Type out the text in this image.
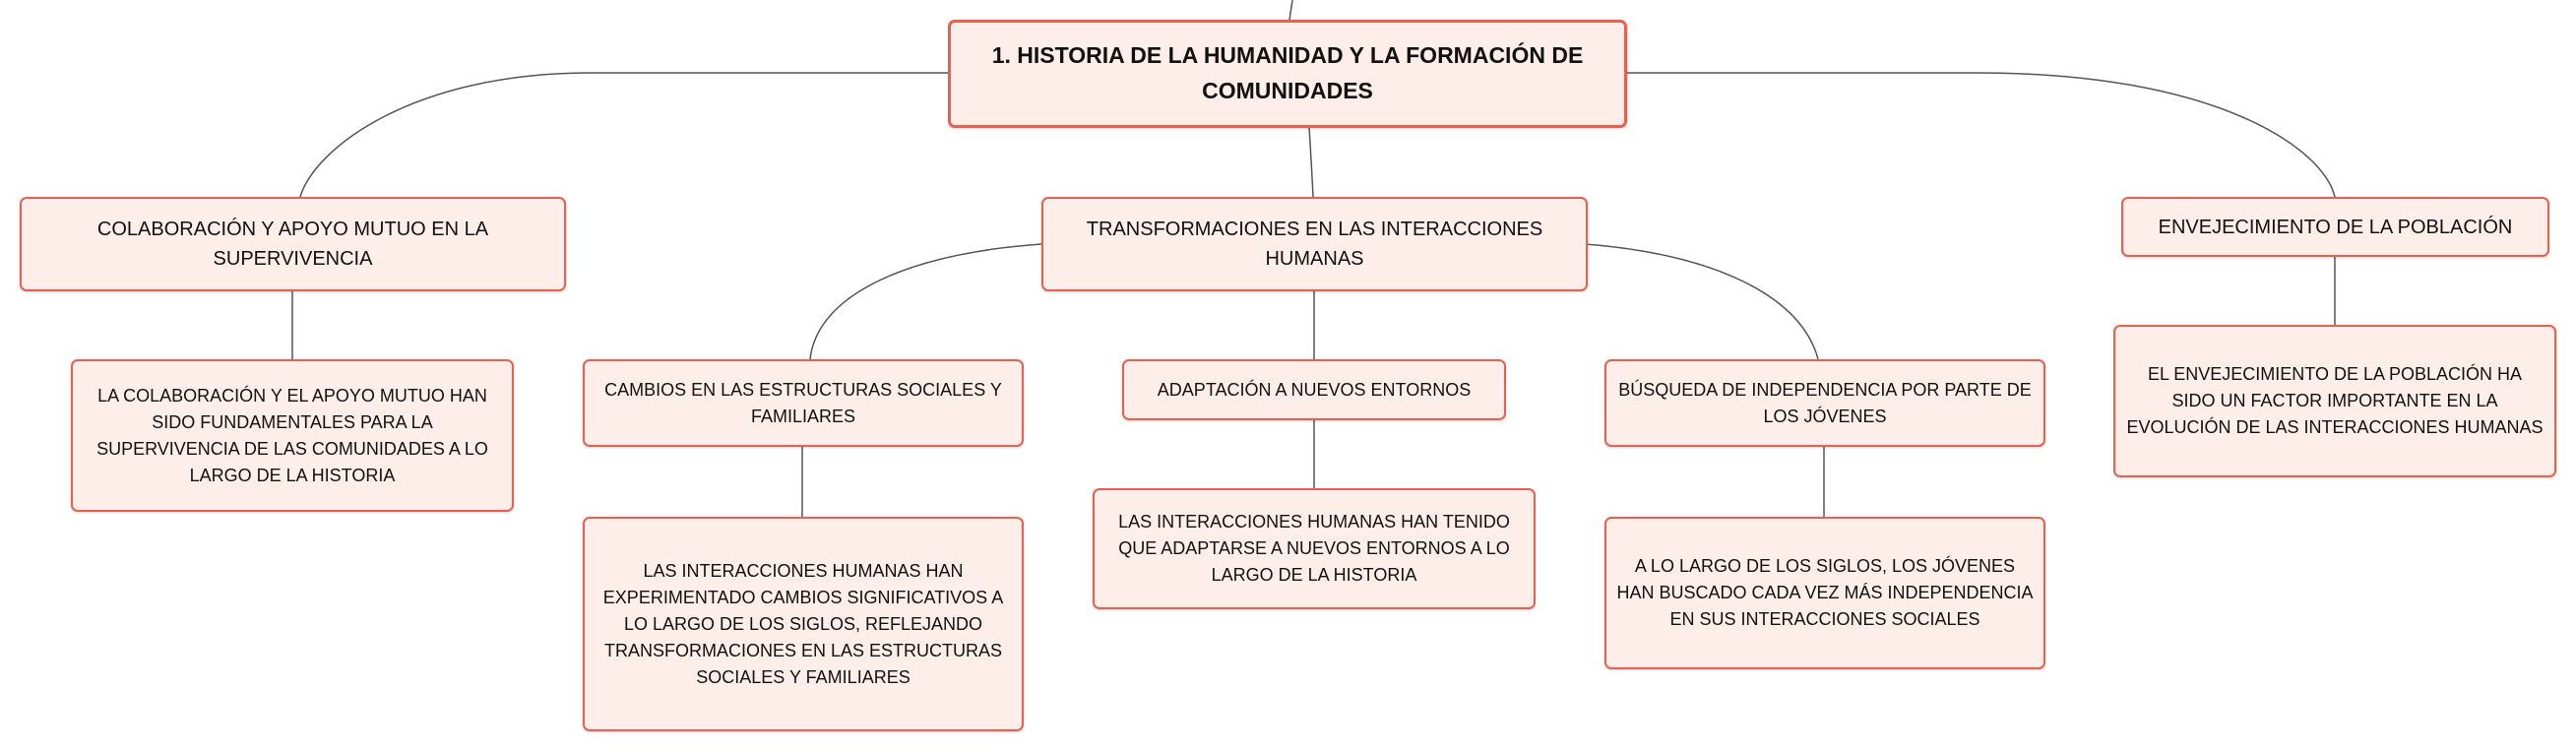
1. HISTORIA DE LA HUMANIDAD Y LA FORMACIÓN DE COMUNIDADES
COLABORACIÓN Y APOYO MUTUO EN LA SUPERVIVENCIA
LA COLABORACIÓN Y EL APOYO MUTUO HAN SIDO FUNDAMENTALES PARA LA SUPERVIVENCIA DE LAS COMUNIDADES A LO LARGO DE LA HISTORIA
TRANSFORMACIONES EN LAS INTERACCIONES HUMANAS
CAMBIOS EN LAS ESTRUCTURAS SOCIALES Y FAMILIARES
LAS INTERACCIONES HUMANAS HAN EXPERIMENTADO CAMBIOS SIGNIFICATIVOS A LO LARGO DE LOS SIGLOS, REFLEJANDO TRANSFORMACIONES EN LAS ESTRUCTURAS SOCIALES Y FAMILIARES
ADAPTACIÓN A NUEVOS ENTORNOS
LAS INTERACCIONES HUMANAS HAN TENIDO QUE ADAPTARSE A NUEVOS ENTORNOS A LO LARGO DE LA HISTORIA
BÚSQUEDA DE INDEPENDENCIA POR PARTE DE LOS JÓVENES
A LO LARGO DE LOS SIGLOS, LOS JÓVENES HAN BUSCADO CADA VEZ MÁS INDEPENDENCIA EN SUS INTERACCIONES SOCIALES
ENVEJECIMIENTO DE LA POBLACIÓN
EL ENVEJECIMIENTO DE LA POBLACIÓN HA SIDO UN FACTOR IMPORTANTE EN LA EVOLUCIÓN DE LAS INTERACCIONES HUMANAS
